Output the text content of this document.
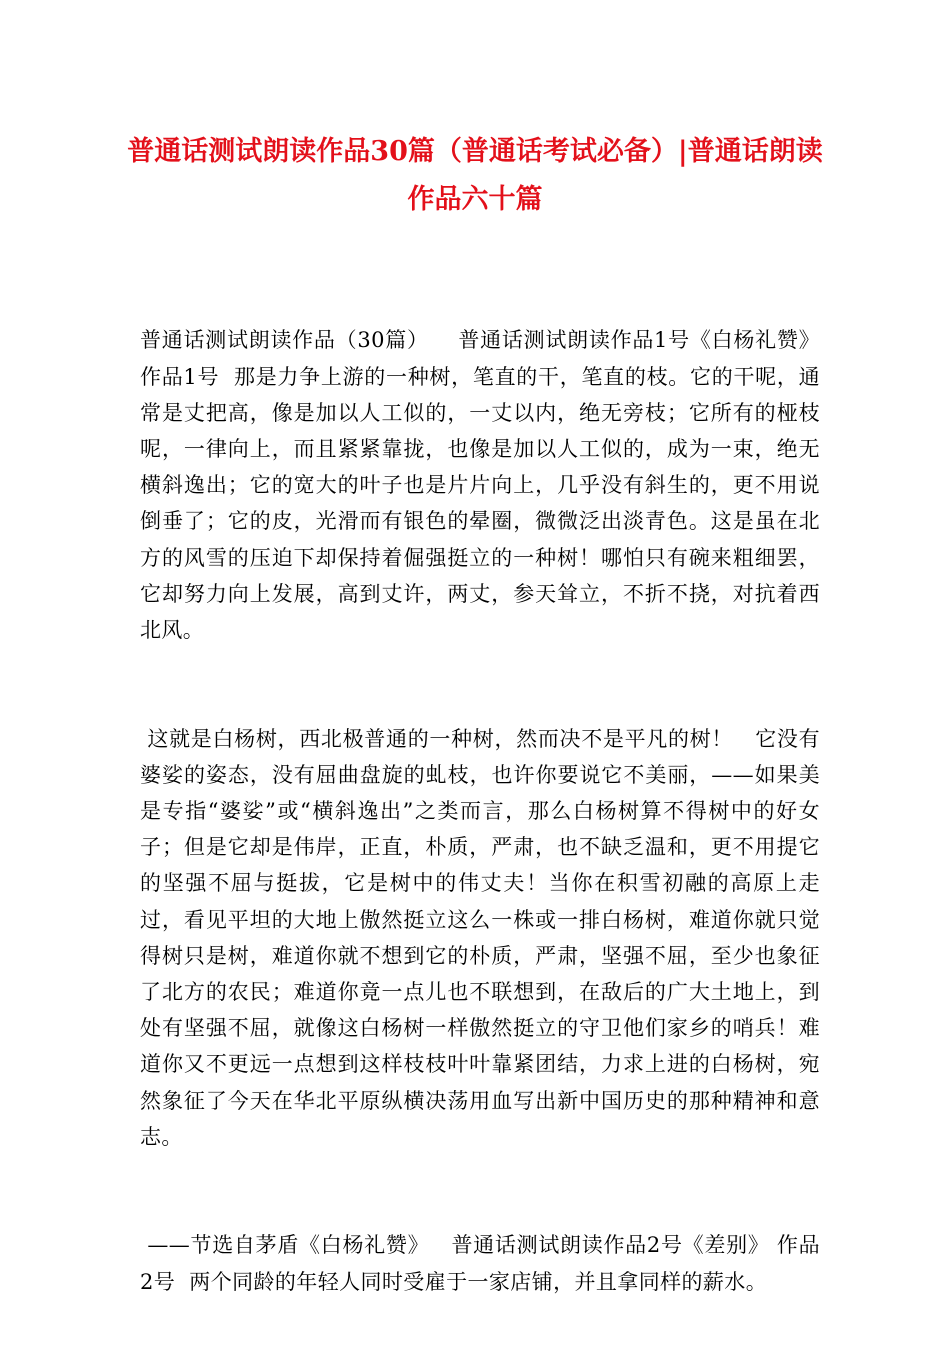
普通话测试朗读作品30篇（普通话考试必备）|普通话朗读作品六十篇

普通话测试朗读作品（30篇）    普通话测试朗读作品1号《白杨礼赞》  作品1号  那是力争上游的一种树，笔直的干，笔直的枝。它的干呢，通常是丈把高，像是加以人工似的，一丈以内，绝无旁枝；它所有的桠枝呢，一律向上，而且紧紧靠拢，也像是加以人工似的，成为一束，绝无横斜逸出；它的宽大的叶子也是片片向上，几乎没有斜生的，更不用说倒垂了；它的皮，光滑而有银色的晕圈，微微泛出淡青色。这是虽在北方的风雪的压迫下却保持着倔强挺立的一种树！哪怕只有碗来粗细罢，它却努力向上发展，高到丈许，两丈，参天耸立，不折不挠，对抗着西北风。

这就是白杨树，西北极普通的一种树，然而决不是平凡的树！   它没有婆娑的姿态，没有屈曲盘旋的虬枝，也许你要说它不美丽，——如果美是专指“婆娑”或“横斜逸出”之类而言，那么白杨树算不得树中的好女子；但是它却是伟岸，正直，朴质，严肃，也不缺乏温和，更不用提它的坚强不屈与挺拔，它是树中的伟丈夫！当你在积雪初融的高原上走过，看见平坦的大地上傲然挺立这么一株或一排白杨树，难道你就只觉得树只是树，难道你就不想到它的朴质，严肃，坚强不屈，至少也象征了北方的农民；难道你竟一点儿也不联想到，在敌后的广大土地上，到处有坚强不屈，就像这白杨树一样傲然挺立的守卫他们家乡的哨兵！难道你又不更远一点想到这样枝枝叶叶靠紧团结，力求上进的白杨树，宛然象征了今天在华北平原纵横决荡用血写出新中国历史的那种精神和意志。

——节选自茅盾《白杨礼赞》   普通话测试朗读作品2号《差别》 作品2号  两个同龄的年轻人同时受雇于一家店铺，并且拿同样的薪水。
